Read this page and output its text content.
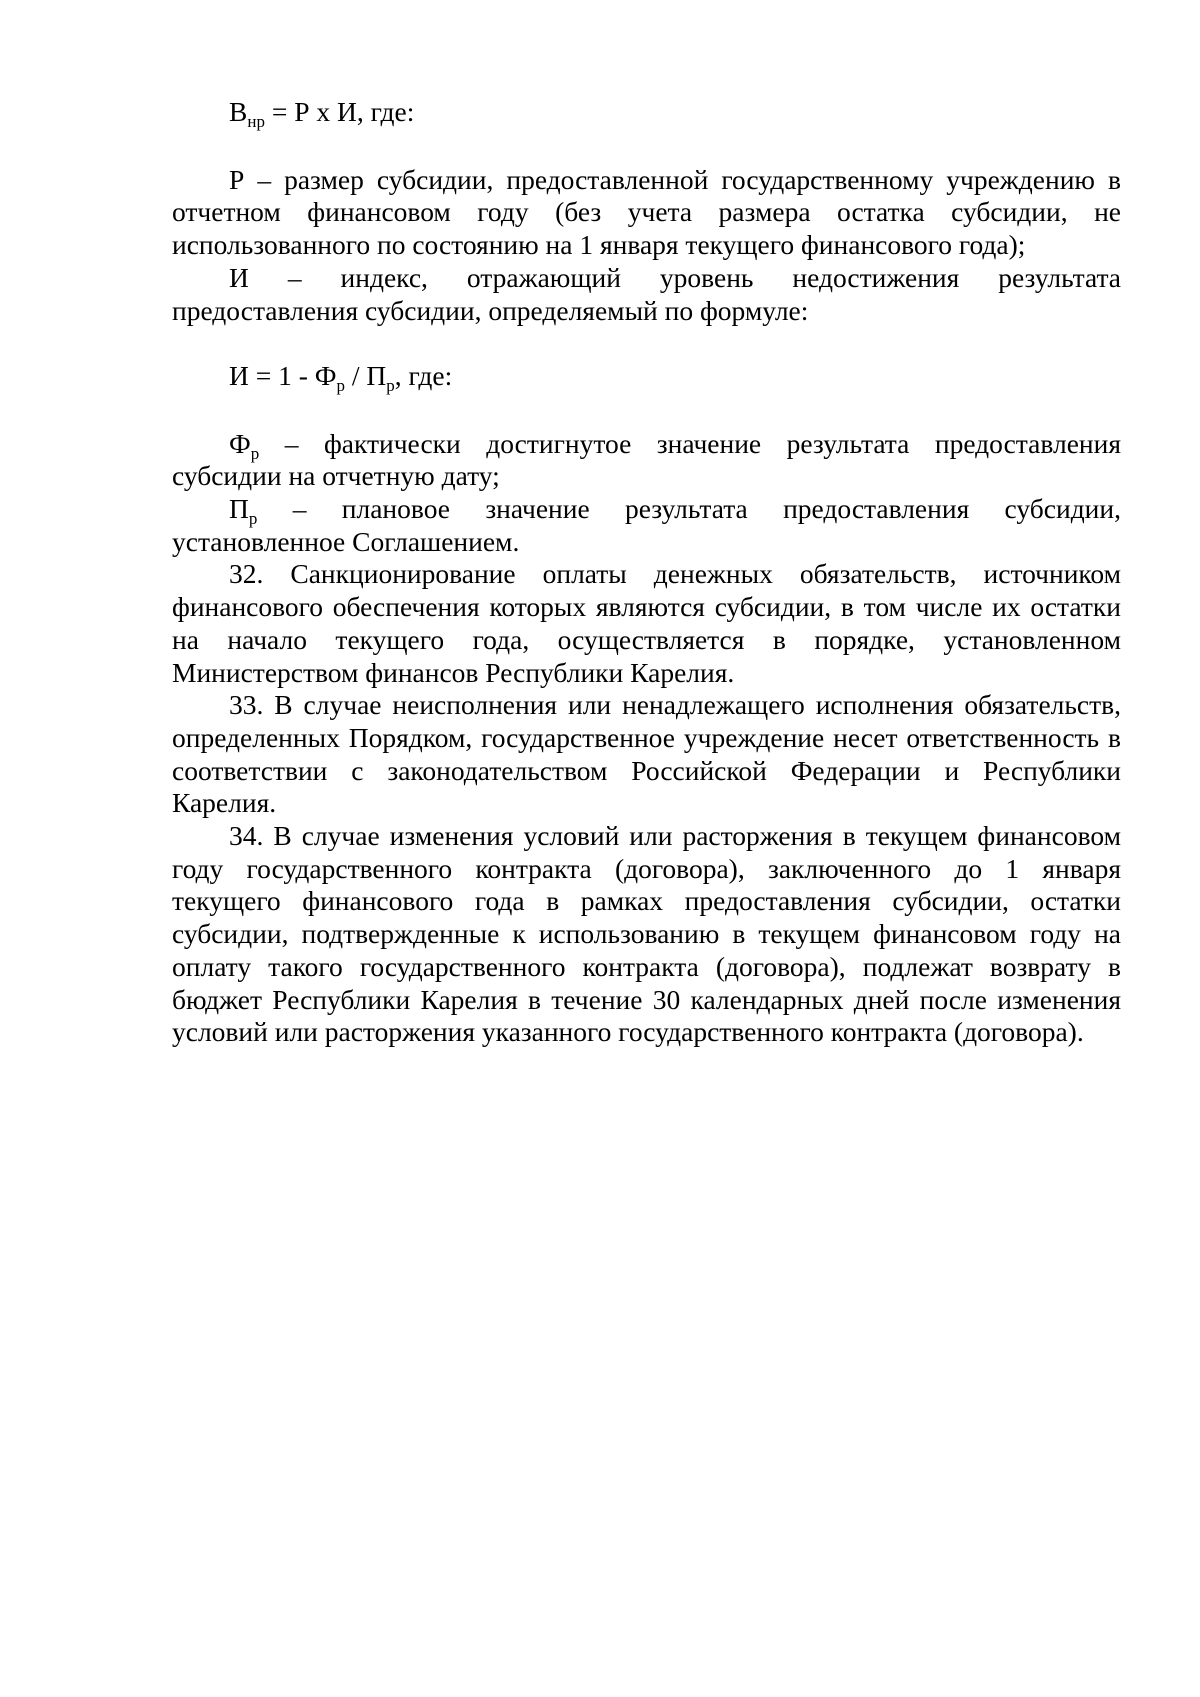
$В_{нр} = Р$ х И, где:

Р – размер субсидии, предоставленной государственному учреждению в отчетном финансовом году (без учета размера остатка субсидии, не использованного по состоянию на 1 января текущего финансового года);

И – индекс, отражающий уровень недостижения результата предоставления субсидии, определяемый по формуле:

$И = 1 - Ф_р / П_р$, где:

$Ф_р$ – фактически достигнутое значение результата предоставления субсидии на отчетную дату;

$П_р$ – плановое значение результата предоставления субсидии, установленное Соглашением.

32. Санкционирование оплаты денежных обязательств, источником финансового обеспечения которых являются субсидии, в том числе их остатки на начало текущего года, осуществляется в порядке, установленном Министерством финансов Республики Карелия.

33. В случае неисполнения или ненадлежащего исполнения обязательств, определенных Порядком, государственное учреждение несет ответственность в соответствии с законодательством Российской Федерации и Республики Карелия.

34. В случае изменения условий или расторжения в текущем финансовом году государственного контракта (договора), заключенного до 1 января текущего финансового года в рамках предоставления субсидии, остатки субсидии, подтвержденные к использованию в текущем финансовом году на оплату такого государственного контракта (договора), подлежат возврату в бюджет Республики Карелия в течение 30 календарных дней после изменения условий или расторжения указанного государственного контракта (договора).
